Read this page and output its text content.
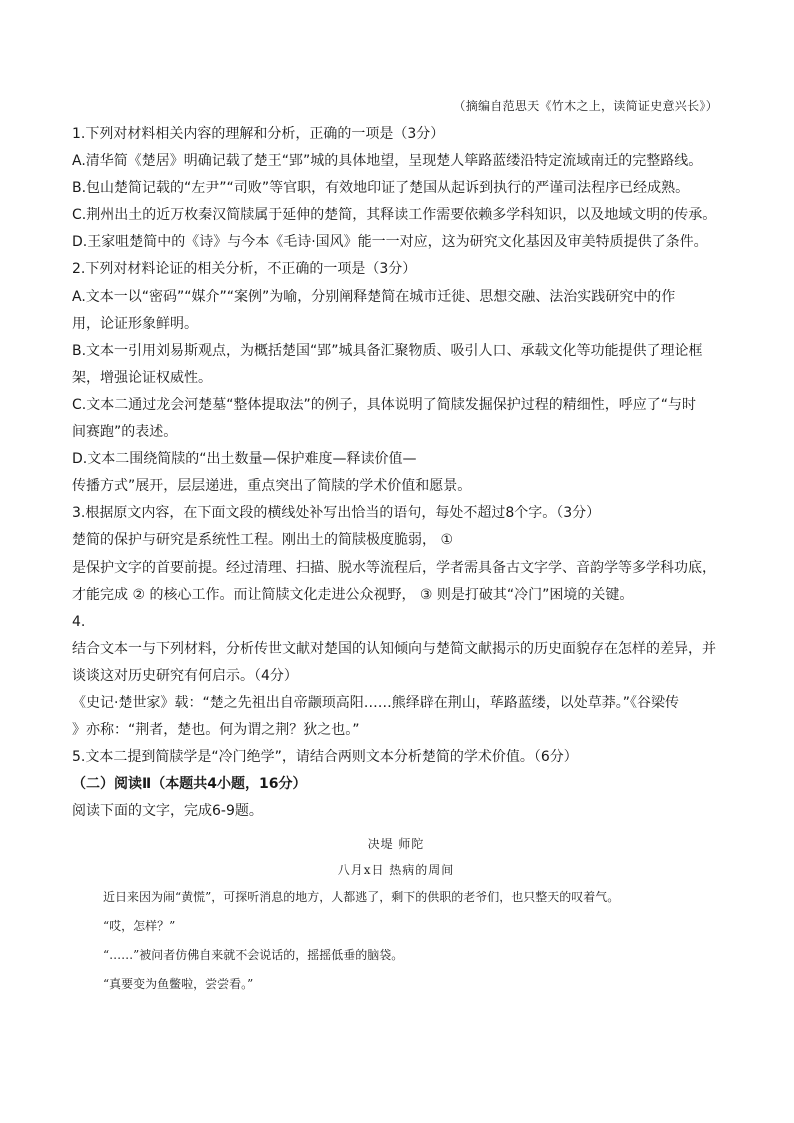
（摘编自范思天《竹木之上，读简证史意兴长》）
1.下列对材料相关内容的理解和分析，正确的一项是（3分）
A.清华简《楚居》明确记载了楚王“郢”城的具体地望，呈现楚人筚路蓝缕沿特定流域南迁的完整路线。
B.包山楚简记载的“左尹”“司败”等官职，有效地印证了楚国从起诉到执行的严谨司法程序已经成熟。
C.荆州出土的近万枚秦汉简牍属于延伸的楚简，其释读工作需要依赖多学科知识，以及地域文明的传承。
D.王家咀楚简中的《诗》与今本《毛诗·国风》能一一对应，这为研究文化基因及审美特质提供了条件。
2.下列对材料论证的相关分析，不正确的一项是（3分）
A.文本一以“密码”“媒介”“案例”为喻，分别阐释楚简在城市迁徙、思想交融、法治实践研究中的作
用，论证形象鲜明。
B.文本一引用刘易斯观点，为概括楚国“郢”城具备汇聚物质、吸引人口、承载文化等功能提供了理论框
架，增强论证权威性。
C.文本二通过龙会河楚墓“整体提取法”的例子，具体说明了简牍发掘保护过程的精细性，呼应了“与时
间赛跑”的表述。
D.文本二围绕简牍的“出土数量—保护难度—释读价值—
传播方式”展开，层层递进，重点突出了简牍的学术价值和愿景。
3.根据原文内容，在下面文段的横线处补写出恰当的语句，每处不超过8个字。（3分）
楚简的保护与研究是系统性工程。刚出土的简牍极度脆弱， ①
是保护文字的首要前提。经过清理、扫描、脱水等流程后，学者需具备古文字学、音韵学等多学科功底，
才能完成 ② 的核心工作。而让简牍文化走进公众视野， ③ 则是打破其“冷门”困境的关键。
4.
结合文本一与下列材料，分析传世文献对楚国的认知倾向与楚简文献揭示的历史面貌存在怎样的差异，并
谈谈这对历史研究有何启示。（4分）
《史记·楚世家》载：“楚之先祖出自帝颛顼高阳……熊绎辟在荆山，荜路蓝缕，以处草莽。”《谷梁传
》亦称：“荆者，楚也。何为谓之荆？狄之也。”
5.文本二提到简牍学是“冷门绝学”，请结合两则文本分析楚简的学术价值。（6分）
（二）阅读Ⅱ（本题共4小题，16分）
阅读下面的文字，完成6-9题。
决堤 师陀
八月x日 热病的周间
近日来因为闹“黄慌”，可探听消息的地方，人都逃了，剩下的供职的老爷们，也只整天的叹着气。
“哎，怎样？”
“……”被问者仿佛自来就不会说话的，摇摇低垂的脑袋。
“真要变为鱼鳖啦，尝尝看。”
